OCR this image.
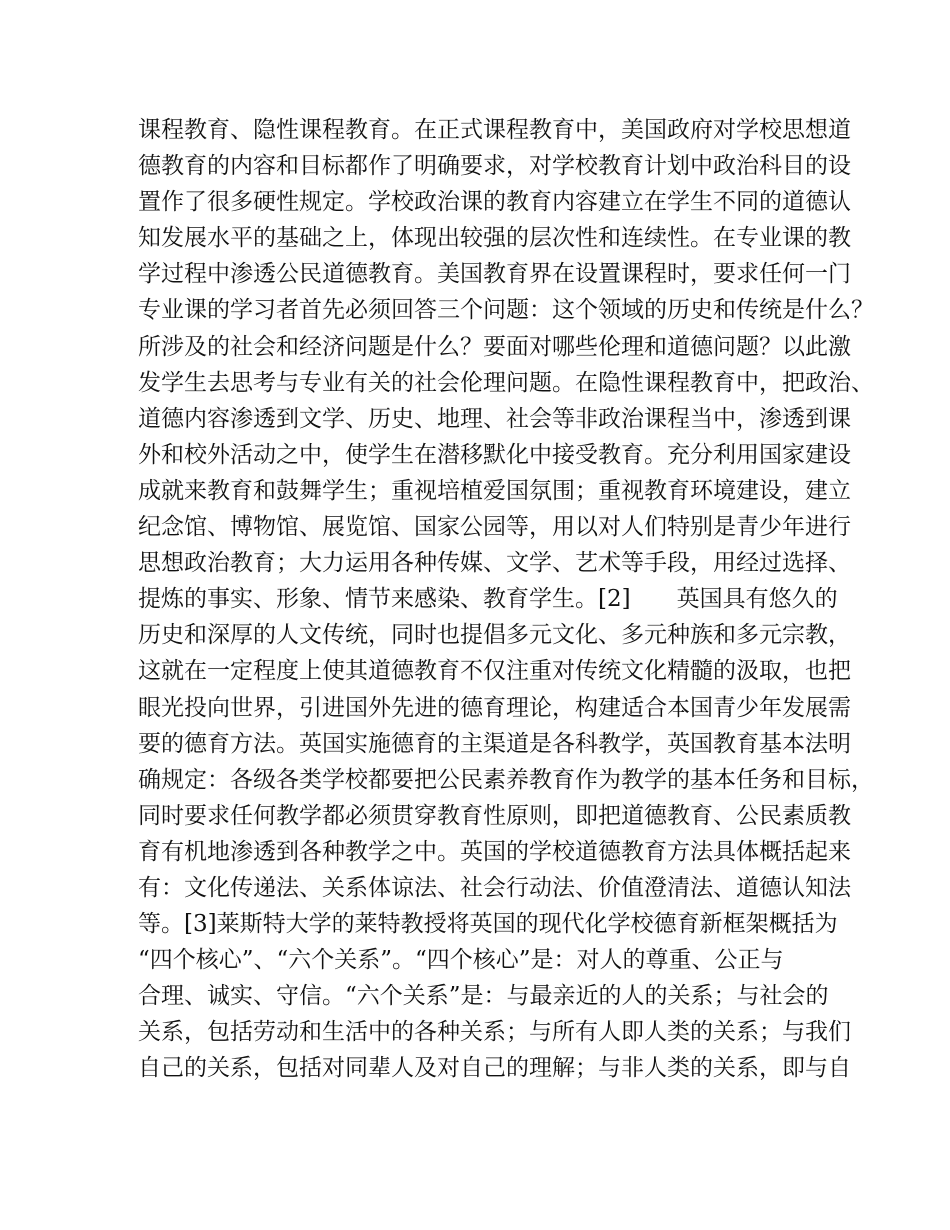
课程教育、隐性课程教育。在正式课程教育中，美国政府对学校思想道
德教育的内容和目标都作了明确要求，对学校教育计划中政治科目的设
置作了很多硬性规定。学校政治课的教育内容建立在学生不同的道德认
知发展水平的基础之上，体现出较强的层次性和连续性。在专业课的教
学过程中渗透公民道德教育。美国教育界在设置课程时，要求任何一门
专业课的学习者首先必须回答三个问题：这个领域的历史和传统是什么？
所涉及的社会和经济问题是什么？要面对哪些伦理和道德问题？以此激
发学生去思考与专业有关的社会伦理问题。在隐性课程教育中，把政治、
道德内容渗透到文学、历史、地理、社会等非政治课程当中，渗透到课
外和校外活动之中，使学生在潜移默化中接受教育。充分利用国家建设
成就来教育和鼓舞学生；重视培植爱国氛围；重视教育环境建设，建立
纪念馆、博物馆、展览馆、国家公园等，用以对人们特别是青少年进行
思想政治教育；大力运用各种传媒、文学、艺术等手段，用经过选择、
提炼的事实、形象、情节来感染、教育学生。[2]　　英国具有悠久的
历史和深厚的人文传统，同时也提倡多元文化、多元种族和多元宗教，
这就在一定程度上使其道德教育不仅注重对传统文化精髓的汲取，也把
眼光投向世界，引进国外先进的德育理论，构建适合本国青少年发展需
要的德育方法。英国实施德育的主渠道是各科教学，英国教育基本法明
确规定：各级各类学校都要把公民素养教育作为教学的基本任务和目标，
同时要求任何教学都必须贯穿教育性原则，即把道德教育、公民素质教
育有机地渗透到各种教学之中。英国的学校道德教育方法具体概括起来
有：文化传递法、关系体谅法、社会行动法、价值澄清法、道德认知法
等。[3]莱斯特大学的莱特教授将英国的现代化学校德育新框架概括为
“四个核心”、“六个关系”。“四个核心”是：对人的尊重、公正与
合理、诚实、守信。“六个关系”是：与最亲近的人的关系；与社会的
关系，包括劳动和生活中的各种关系；与所有人即人类的关系；与我们
自己的关系，包括对同辈人及对自己的理解；与非人类的关系，即与自
